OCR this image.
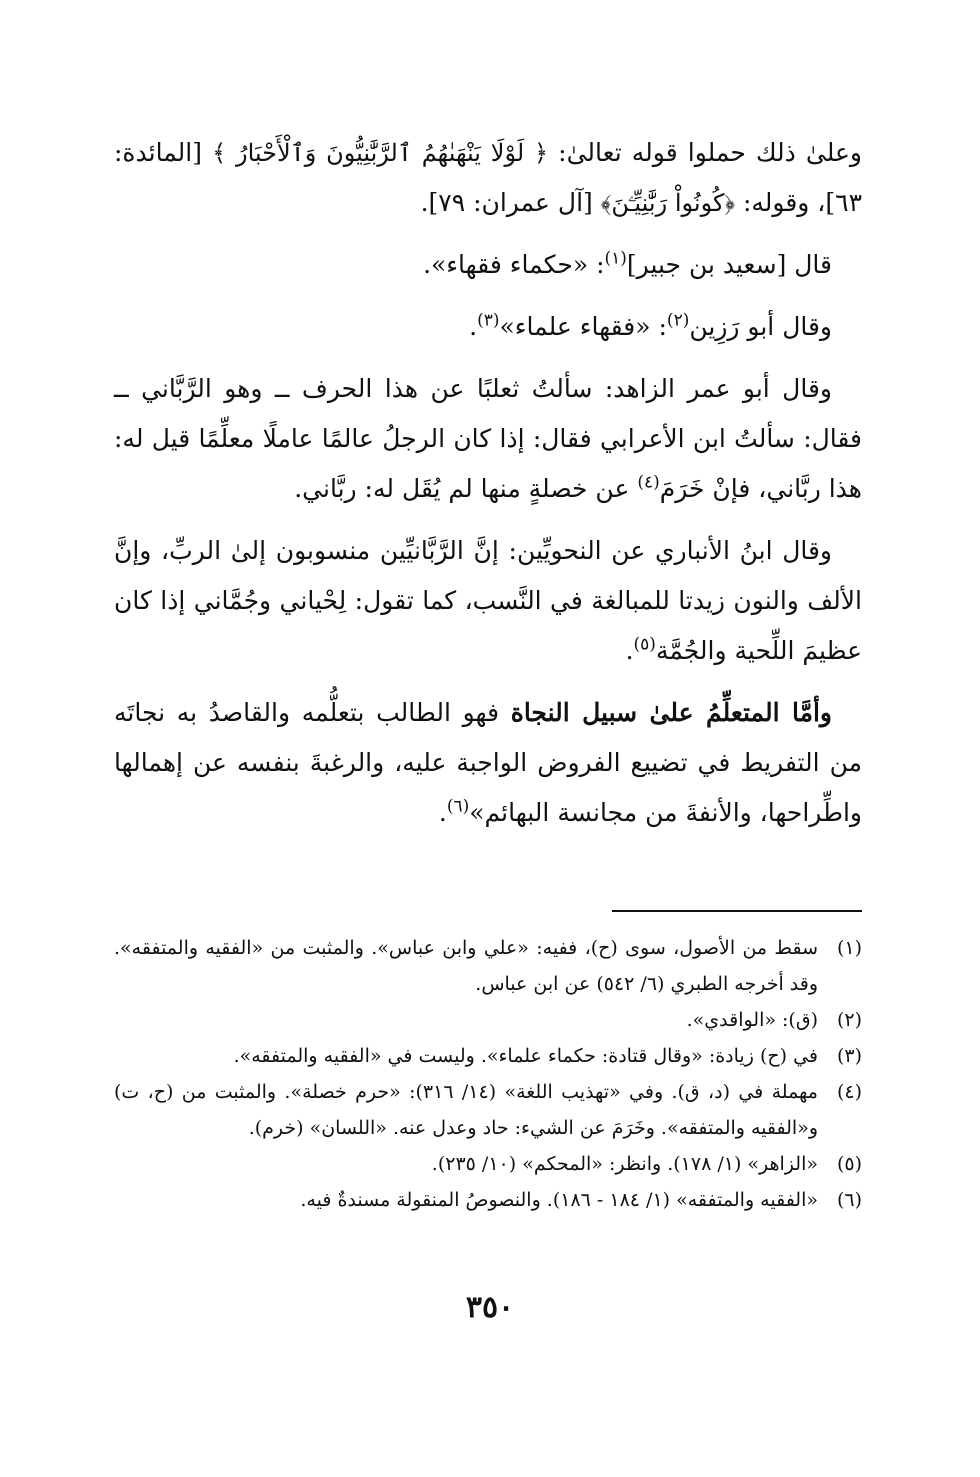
وعلىٰ ذلك حملوا قوله تعالىٰ: ﴿ لَوْلَا يَنْهَىٰهُمُ ٱلرَّبَّٰنِيُّونَ وَٱلْأَحْبَارُ ﴾ [المائدة: ٦٣]، وقوله: ﴿كُونُواْ رَبَّٰنِيِّـۧنَ﴾ [آل عمران: ٧٩].

قال [سعيد بن جبير]$^{(١)}$: «حكماء فقهاء».

وقال أبو رَزِين$^{(٢)}$: «فقهاء علماء»$^{(٣)}$.

وقال أبو عمر الزاهد: سألتُ ثعلبًا عن هذا الحرف ــ وهو الرَّبَّاني ــ فقال: سألتُ ابن الأعرابي فقال: إذا كان الرجلُ عالمًا عاملًا معلِّمًا قيل له: هذا ربَّاني، فإنْ خَرَمَ$^{(٤)}$ عن خصلةٍ منها لم يُقَل له: ربَّاني.

وقال ابنُ الأنباري عن النحويِّين: إنَّ الرَّبَّانيِّين منسوبون إلىٰ الربِّ، وإنَّ الألف والنون زيدتا للمبالغة في النَّسب، كما تقول: لِحْياني وجُمَّاني إذا كان عظيمَ اللِّحية والجُمَّة$^{(٥)}$.

وأمَّا المتعلِّمُ علىٰ سبيل النجاة فهو الطالب بتعلُّمه والقاصدُ به نجاتَه من التفريط في تضييع الفروض الواجبة عليه، والرغبةَ بنفسه عن إهمالها واطِّراحها، والأنفةَ من مجانسة البهائم»$^{(٦)}$.

(١)
سقط من الأصول، سوى (ح)، ففيه: «علي وابن عباس». والمثبت من «الفقيه والمتفقه». وقد أخرجه الطبري (٦/ ٥٤٢) عن ابن عباس.
(٢)
(ق): «الواقدي».
(٣)
في (ح) زيادة: «وقال قتادة: حكماء علماء». وليست في «الفقيه والمتفقه».
(٤)
مهملة في (د، ق). وفي «تهذيب اللغة» (١٤/ ٣١٦): «حرم خصلة». والمثبت من (ح، ت) و«الفقيه والمتفقه». وخَرَمَ عن الشيء: حاد وعدل عنه. «اللسان» (خرم).
(٥)
«الزاهر» (١/ ١٧٨). وانظر: «المحكم» (١٠/ ٢٣٥).
(٦)
«الفقيه والمتفقه» (١/ ١٨٤ - ١٨٦). والنصوصُ المنقولة مسندةٌ فيه.
٣٥٠
